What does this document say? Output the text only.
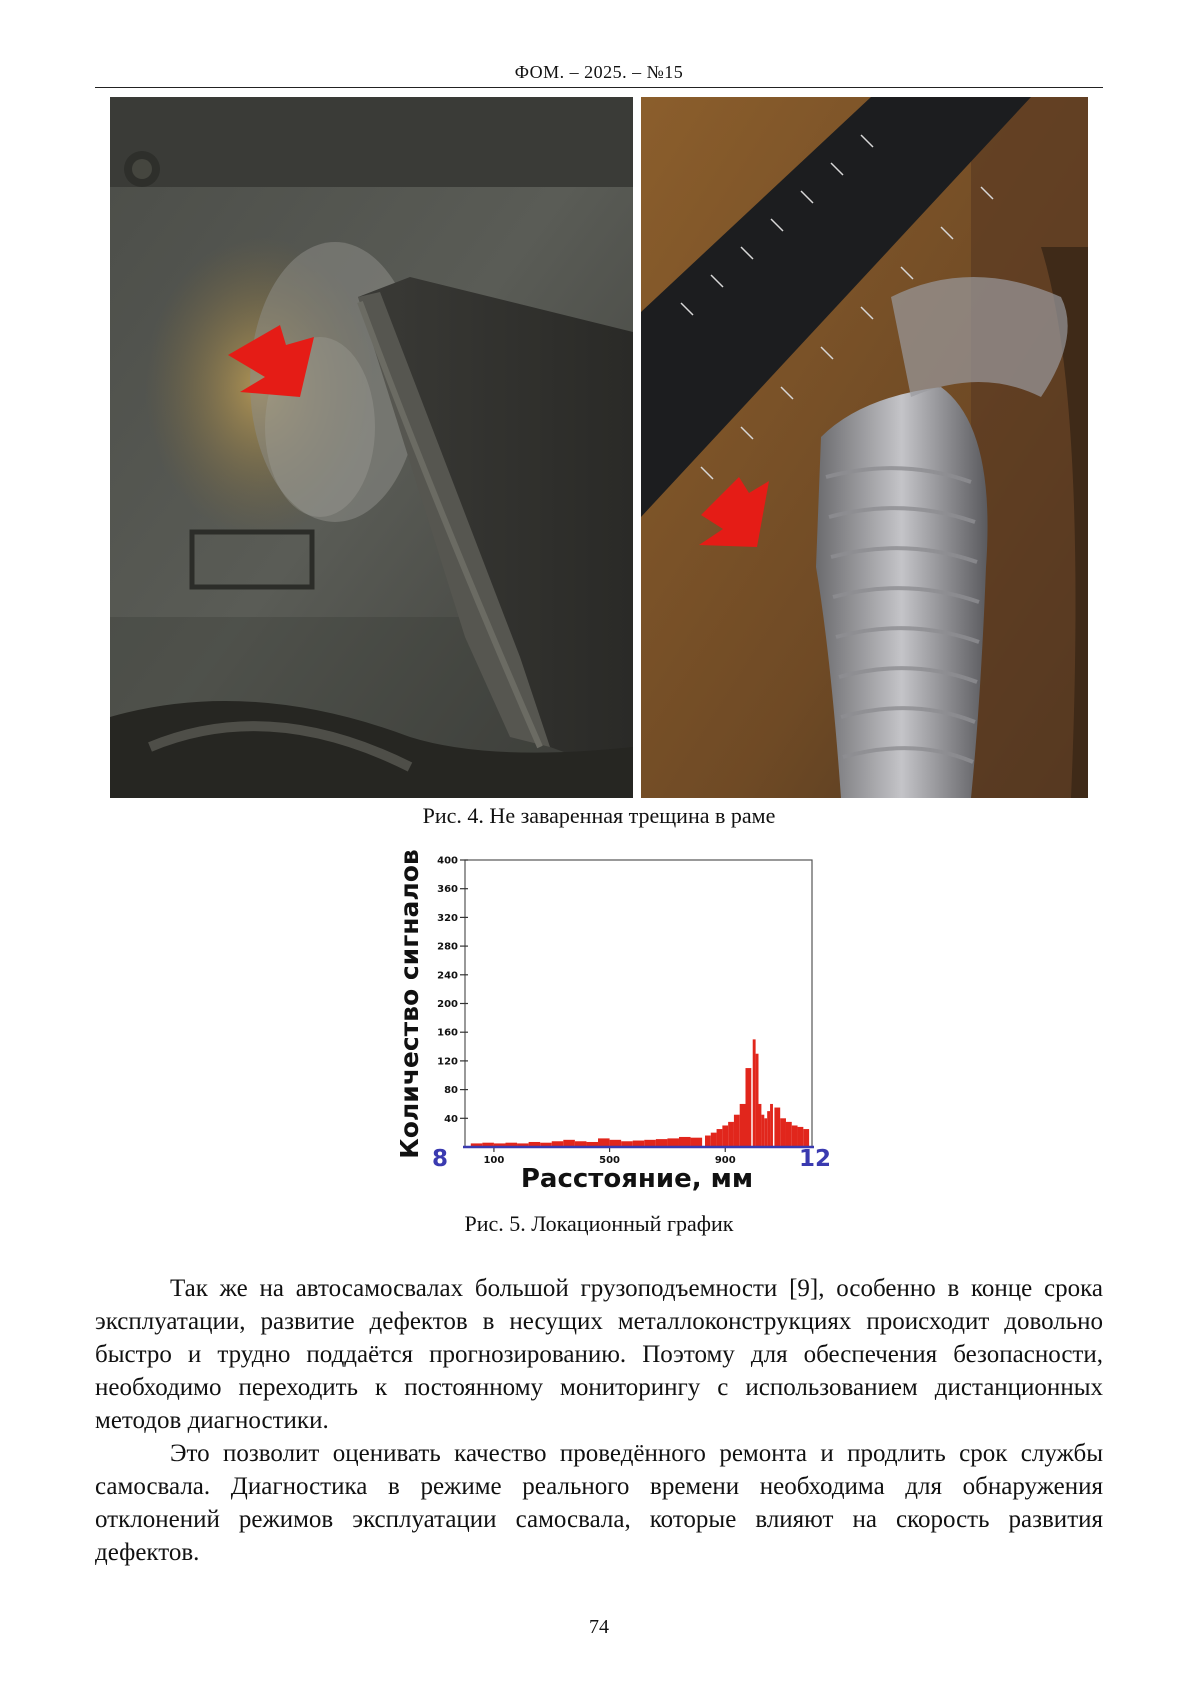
ФОМ. – 2025. – №15
Рис. 4. Не заваренная трещина в раме
40
80
120
160
200
240
280
320
360
400
100	500	900
Количество сигналов
Расстояние, мм
8	12
Рис. 5. Локационный график

Так же на автосамосвалах большой грузоподъемности [9], особенно в конце срока эксплуатации, развитие дефектов в несущих металлоконструкциях происходит довольно быстро и трудно поддаётся прогнозированию. Поэтому для обеспечения безопасности, необходимо переходить к постоянному мониторингу с использованием дистанционных методов диагностики.

Это позволит оценивать качество проведённого ремонта и продлить срок службы самосвала. Диагностика в режиме реального времени необходима для обнаружения отклонений режимов эксплуатации самосвала, которые влияют на скорость развития дефектов.

74
